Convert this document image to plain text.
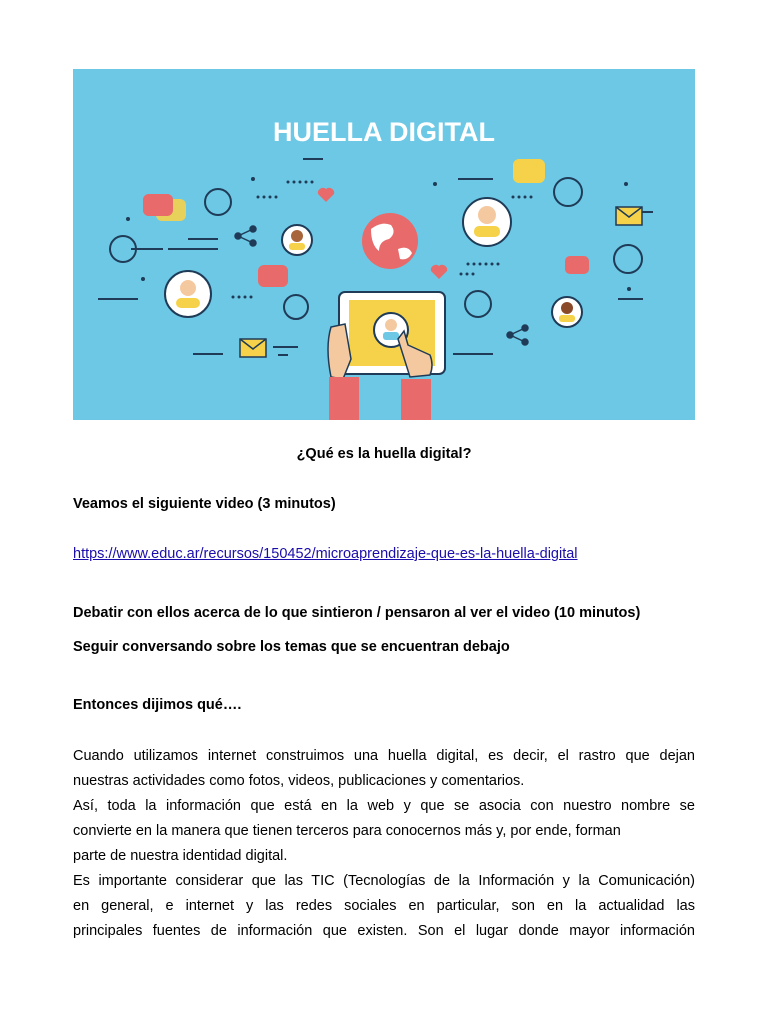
HUELLA DIGITAL
¿Qué es la huella digital?
Veamos el siguiente video (3 minutos)
https://www.educ.ar/recursos/150452/microaprendizaje-que-es-la-huella-digital
Debatir con ellos acerca de lo que sintieron / pensaron al ver el video (10 minutos)
Seguir conversando sobre los temas que se encuentran debajo
Entonces dijimos qué….
Cuando utilizamos internet construimos una huella digital, es decir, el rastro que dejan
nuestras actividades como fotos, videos, publicaciones y comentarios.
Así, toda la información que está en la web y que se asocia con nuestro nombre se
convierte en la manera que tienen terceros para conocernos más y, por ende, forman
parte de nuestra identidad digital.
Es importante considerar que las TIC (Tecnologías de la Información y la Comunicación)
en general, e internet y las redes sociales en particular, son en la actualidad las
principales fuentes de información que existen. Son el lugar donde mayor información
